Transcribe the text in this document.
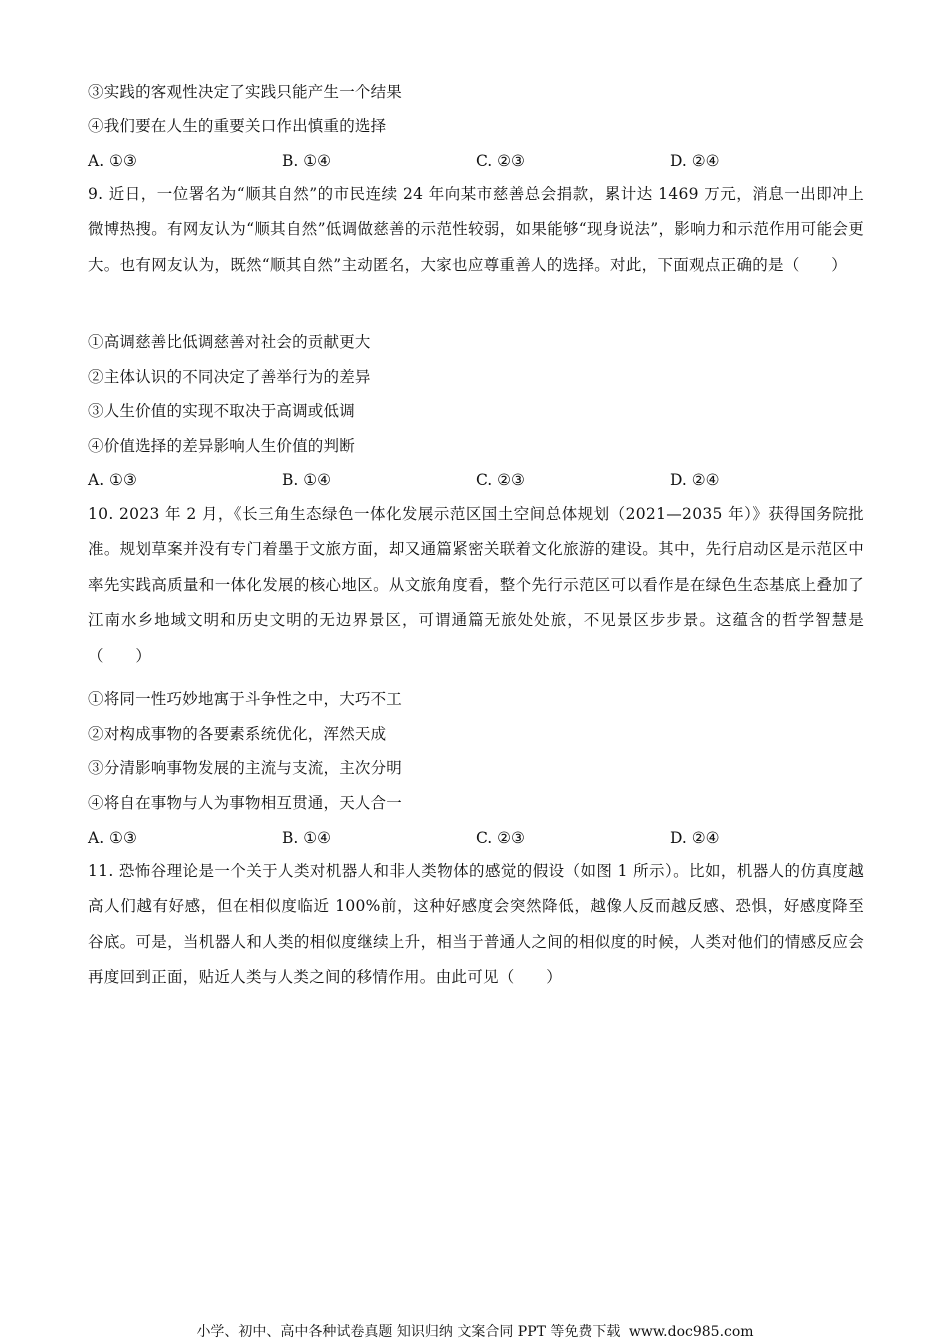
③实践的客观性决定了实践只能产生一个结果
④我们要在人生的重要关口作出慎重的选择
A. ①③	B. ①④	C. ②③	D. ②④
9. 近日，一位署名为“顺其自然”的市民连续 24 年向某市慈善总会捐款，累计达 1469 万元，消息一出即冲上微博热搜。有网友认为“顺其自然”低调做慈善的示范性较弱，如果能够“现身说法”，影响力和示范作用可能会更大。也有网友认为，既然“顺其自然”主动匿名，大家也应尊重善人的选择。对此，下面观点正确的是（　　）
①高调慈善比低调慈善对社会的贡献更大
②主体认识的不同决定了善举行为的差异
③人生价值的实现不取决于高调或低调
④价值选择的差异影响人生价值的判断
A. ①③	B. ①④	C. ②③	D. ②④
10. 2023 年 2 月，《长三角生态绿色一体化发展示范区国土空间总体规划（2021—2035 年）》获得国务院批准。规划草案并没有专门着墨于文旅方面，却又通篇紧密关联着文化旅游的建设。其中，先行启动区是示范区中率先实践高质量和一体化发展的核心地区。从文旅角度看，整个先行示范区可以看作是在绿色生态基底上叠加了江南水乡地域文明和历史文明的无边界景区，可谓通篇无旅处处旅，不见景区步步景。这蕴含的哲学智慧是（　　）
①将同一性巧妙地寓于斗争性之中，大巧不工
②对构成事物的各要素系统优化，浑然天成
③分清影响事物发展的主流与支流，主次分明
④将自在事物与人为事物相互贯通，天人合一
A. ①③	B. ①④	C. ②③	D. ②④
11. 恐怖谷理论是一个关于人类对机器人和非人类物体的感觉的假设（如图 1 所示）。比如，机器人的仿真度越高人们越有好感，但在相似度临近 100%前，这种好感度会突然降低，越像人反而越反感、恐惧，好感度降至谷底。可是，当机器人和人类的相似度继续上升，相当于普通人之间的相似度的时候，人类对他们的情感反应会再度回到正面，贴近人类与人类之间的移情作用。由此可见（　　）
小学、初中、高中各种试卷真题 知识归纳 文案合同 PPT 等免费下载 www.doc985.com
